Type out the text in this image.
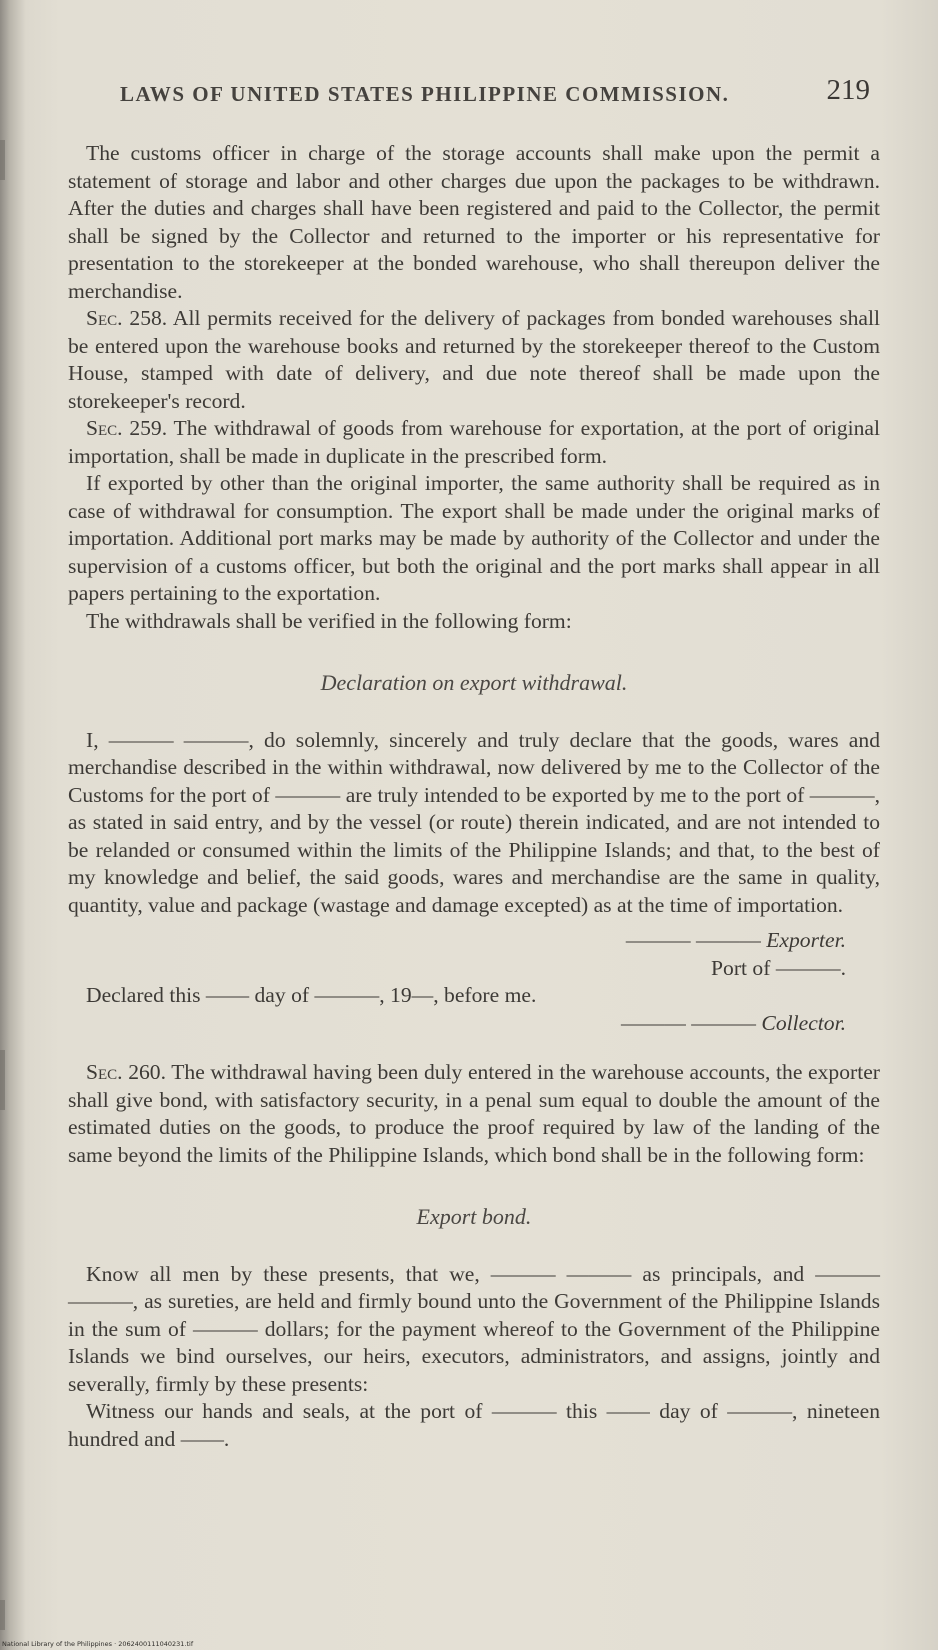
LAWS OF UNITED STATES PHILIPPINE COMMISSION.	219

The customs officer in charge of the storage accounts shall make upon the permit a statement of storage and labor and other charges due upon the packages to be withdrawn. After the duties and charges shall have been registered and paid to the Collector, the permit shall be signed by the Collector and returned to the importer or his representative for presentation to the storekeeper at the bonded warehouse, who shall thereupon deliver the merchandise.

Sec. 258. All permits received for the delivery of packages from bonded warehouses shall be entered upon the warehouse books and returned by the storekeeper thereof to the Custom House, stamped with date of delivery, and due note thereof shall be made upon the storekeeper's record.

Sec. 259. The withdrawal of goods from warehouse for exportation, at the port of original importation, shall be made in duplicate in the prescribed form.

If exported by other than the original importer, the same authority shall be required as in case of withdrawal for consumption. The export shall be made under the original marks of importation. Additional port marks may be made by authority of the Collector and under the supervision of a customs officer, but both the original and the port marks shall appear in all papers pertaining to the exportation.

The withdrawals shall be verified in the following form:

Declaration on export withdrawal.

I, ——— ———, do solemnly, sincerely and truly declare that the goods, wares and merchandise described in the within withdrawal, now delivered by me to the Collector of the Customs for the port of ——— are truly intended to be exported by me to the port of ———, as stated in said entry, and by the vessel (or route) therein indicated, and are not intended to be relanded or consumed within the limits of the Philippine Islands; and that, to the best of my knowledge and belief, the said goods, wares and merchandise are the same in quality, quantity, value and package (wastage and damage excepted) as at the time of importation.

——— ——— Exporter.

Port of ———.

Declared this —— day of ———, 19—, before me.

——— ——— Collector.

Sec. 260. The withdrawal having been duly entered in the warehouse accounts, the exporter shall give bond, with satisfactory security, in a penal sum equal to double the amount of the estimated duties on the goods, to produce the proof required by law of the landing of the same beyond the limits of the Philippine Islands, which bond shall be in the following form:

Export bond.

Know all men by these presents, that we, ——— ——— as principals, and ——— ———, as sureties, are held and firmly bound unto the Government of the Philippine Islands in the sum of ——— dollars; for the payment whereof to the Government of the Philippine Islands we bind ourselves, our heirs, executors, administrators, and assigns, jointly and severally, firmly by these presents:

Witness our hands and seals, at the port of ——— this —— day of ———, nineteen hundred and ——.

National Library of the Philippines · 2062400111040231.tif
